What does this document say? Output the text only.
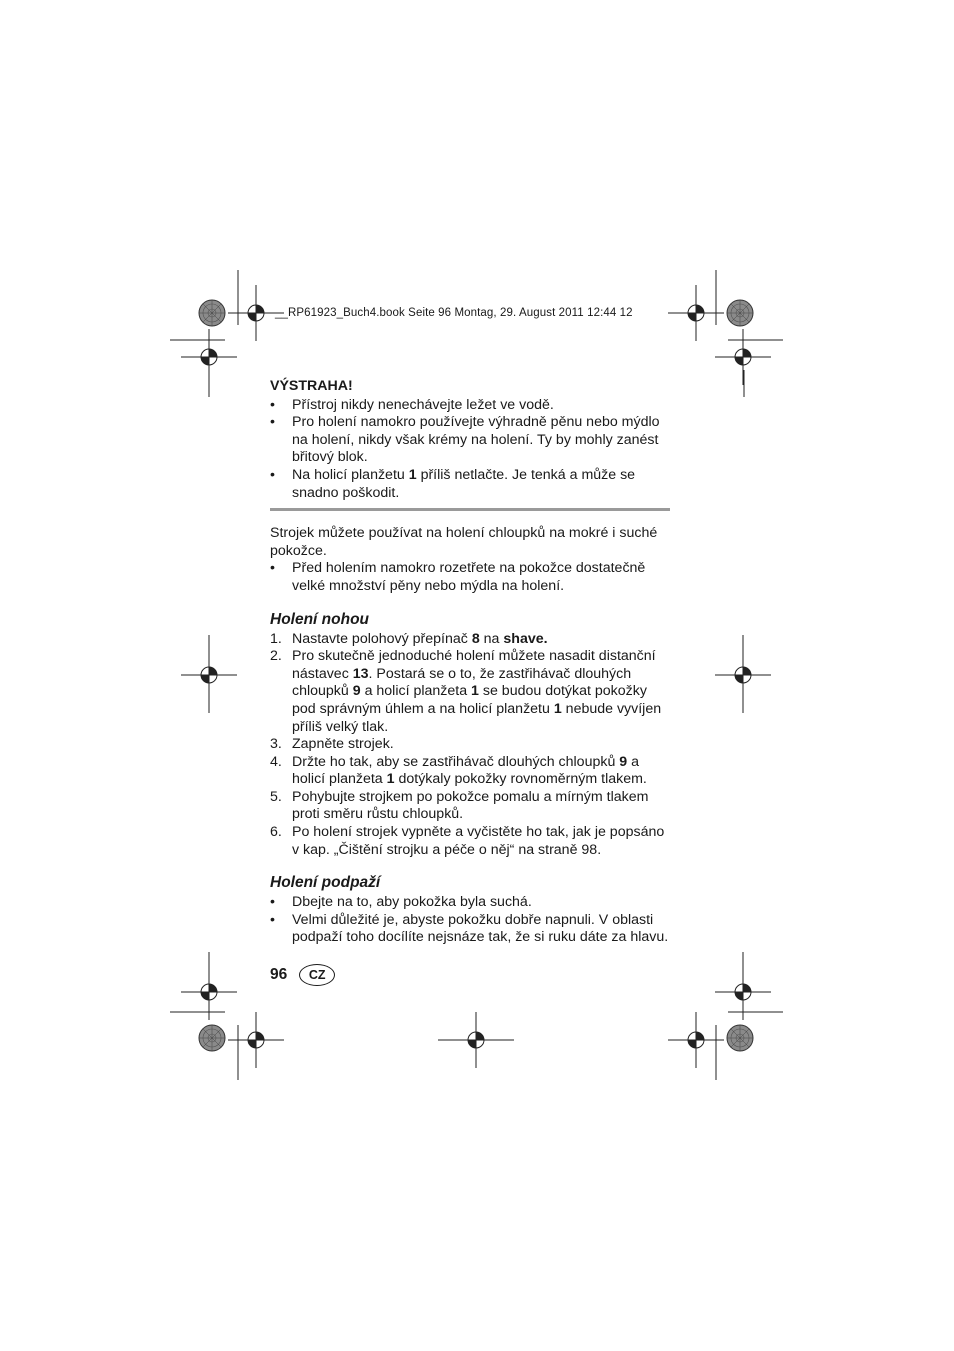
__RP61923_Buch4.book Seite 96 Montag, 29. August 2011 12:44 12
VÝSTRAHA!
•	Přístroj nikdy nenechávejte ležet ve vodě.
•	Pro holení namokro používejte výhradně pěnu nebo mýdlo na holení, nikdy však krémy na holení. Ty by mohly zanést břitový blok.
•	Na holicí planžetu 1 příliš netlačte. Je tenká a může se snadno poškodit.

Strojek můžete používat na holení chloupků na mokré i suché pokožce.

•	Před holením namokro rozetřete na pokožce dostatečně velké množství pěny nebo mýdla na holení.
Holení nohou
1. Nastavte polohový přepínač 8 na shave.
2. Pro skutečně jednoduché holení můžete nasadit distanční nástavec 13. Postará se o to, že zastřihávač dlouhých chloupků 9 a holicí planžeta 1 se budou dotýkat pokožky pod správným úhlem a na holicí planžetu 1 nebude vyvíjen příliš velký tlak.
3. Zapněte strojek.
4. Držte ho tak, aby se zastřihávač dlouhých chloupků 9 a holicí planžeta 1 dotýkaly pokožky rovnoměrným tlakem.
5. Pohybujte strojkem po pokožce pomalu a mírným tlakem proti směru růstu chloupků.
6. Po holení strojek vypněte a vyčistěte ho tak, jak je popsáno v kap. „Čištění strojku a péče o něj“ na straně 98.
Holení podpaží
•	Dbejte na to, aby pokožka byla suchá.
•	Velmi důležité je, abyste pokožku dobře napnuli. V oblasti podpaží toho docílíte nejsnáze tak, že si ruku dáte za hlavu.
96	CZ
